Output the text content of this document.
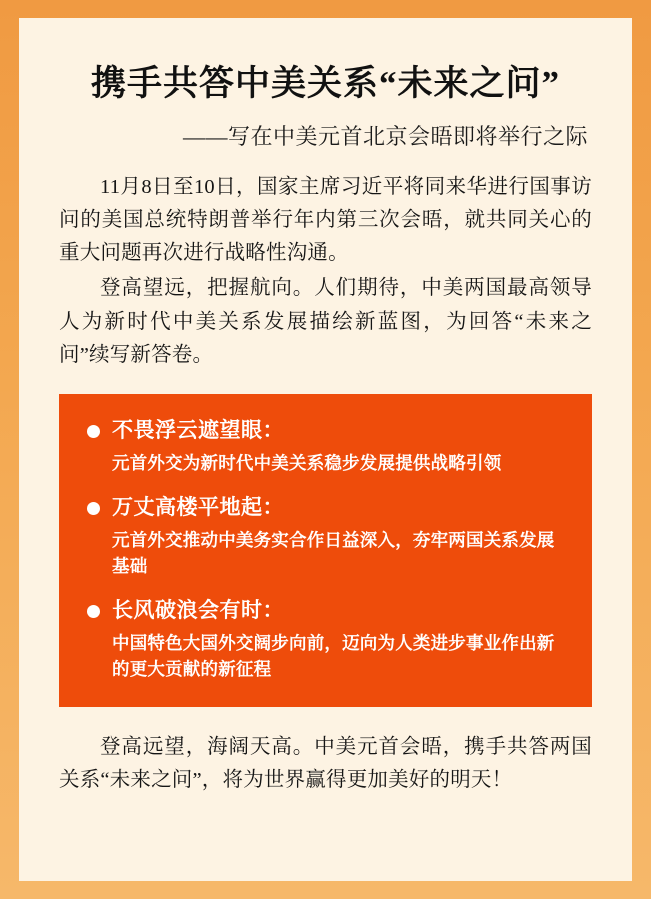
携手共答中美关系“未来之问”
——写在中美元首北京会晤即将举行之际

11月8日至10日，国家主席习近平将同来华进行国事访问的美国总统特朗普举行年内第三次会晤，就共同关心的重大问题再次进行战略性沟通。

登高望远，把握航向。人们期待，中美两国最高领导人为新时代中美关系发展描绘新蓝图，为回答“未来之问”续写新答卷。

不畏浮云遮望眼：
元首外交为新时代中美关系稳步发展提供战略引领
万丈高楼平地起：
元首外交推动中美务实合作日益深入，夯牢两国关系发展基础
长风破浪会有时：
中国特色大国外交阔步向前，迈向为人类进步事业作出新的更大贡献的新征程

登高远望，海阔天高。中美元首会晤，携手共答两国关系“未来之问”，将为世界赢得更加美好的明天！
